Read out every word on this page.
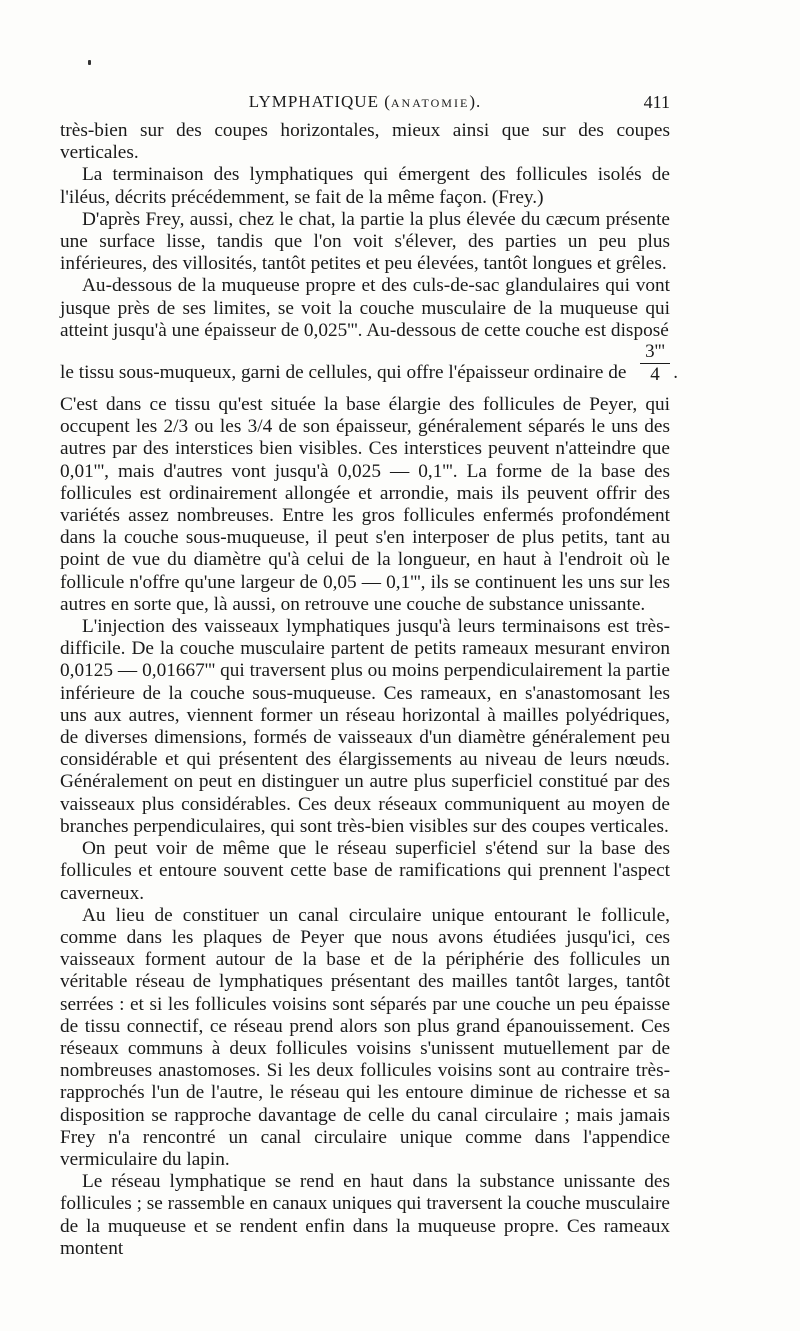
LYMPHATIQUE (ANATOMIE).	411

très-bien sur des coupes horizontales, mieux ainsi que sur des coupes verticales.

La terminaison des lymphatiques qui émergent des follicules isolés de l'iléus, décrits précédemment, se fait de la même façon. (Frey.)

D'après Frey, aussi, chez le chat, la partie la plus élevée du cæcum présente une surface lisse, tandis que l'on voit s'élever, des parties un peu plus inférieures, des villosités, tantôt petites et peu élevées, tantôt longues et grêles.

Au-dessous de la muqueuse propre et des culs-de-sac glandulaires qui vont jusque près de ses limites, se voit la couche musculaire de la muqueuse qui atteint jusqu'à une épaisseur de 0,025'''. Au-dessous de cette couche est disposé

le tissu sous-muqueux, garni de cellules, qui offre l'épaisseur ordinaire de
3'''
4 .

C'est dans ce tissu qu'est située la base élargie des follicules de Peyer, qui occupent les 2/3 ou les 3/4 de son épaisseur, généralement séparés le uns des autres par des interstices bien visibles. Ces interstices peuvent n'atteindre que 0,01''', mais d'autres vont jusqu'à 0,025 — 0,1'''. La forme de la base des follicules est ordinairement allongée et arrondie, mais ils peuvent offrir des variétés assez nombreuses. Entre les gros follicules enfermés profondément dans la couche sous-muqueuse, il peut s'en interposer de plus petits, tant au point de vue du diamètre qu'à celui de la longueur, en haut à l'endroit où le follicule n'offre qu'une largeur de 0,05 — 0,1''', ils se continuent les uns sur les autres en sorte que, là aussi, on retrouve une couche de substance unissante.

L'injection des vaisseaux lymphatiques jusqu'à leurs terminaisons est très-difficile. De la couche musculaire partent de petits rameaux mesurant environ 0,0125 — 0,01667''' qui traversent plus ou moins perpendiculairement la partie inférieure de la couche sous-muqueuse. Ces rameaux, en s'anastomosant les uns aux autres, viennent former un réseau horizontal à mailles polyédriques, de diverses dimensions, formés de vaisseaux d'un diamètre généralement peu considérable et qui présentent des élargissements au niveau de leurs nœuds. Généralement on peut en distinguer un autre plus superficiel constitué par des vaisseaux plus considérables. Ces deux réseaux communiquent au moyen de branches perpendiculaires, qui sont très-bien visibles sur des coupes verticales.

On peut voir de même que le réseau superficiel s'étend sur la base des follicules et entoure souvent cette base de ramifications qui prennent l'aspect caverneux.

Au lieu de constituer un canal circulaire unique entourant le follicule, comme dans les plaques de Peyer que nous avons étudiées jusqu'ici, ces vaisseaux forment autour de la base et de la périphérie des follicules un véritable réseau de lymphatiques présentant des mailles tantôt larges, tantôt serrées : et si les follicules voisins sont séparés par une couche un peu épaisse de tissu connectif, ce réseau prend alors son plus grand épanouissement. Ces réseaux communs à deux follicules voisins s'unissent mutuellement par de nombreuses anastomoses. Si les deux follicules voisins sont au contraire très-rapprochés l'un de l'autre, le réseau qui les entoure diminue de richesse et sa disposition se rapproche davantage de celle du canal circulaire ; mais jamais Frey n'a rencontré un canal circulaire unique comme dans l'appendice vermiculaire du lapin.

Le réseau lymphatique se rend en haut dans la substance unissante des follicules ; se rassemble en canaux uniques qui traversent la couche musculaire de la muqueuse et se rendent enfin dans la muqueuse propre. Ces rameaux montent
